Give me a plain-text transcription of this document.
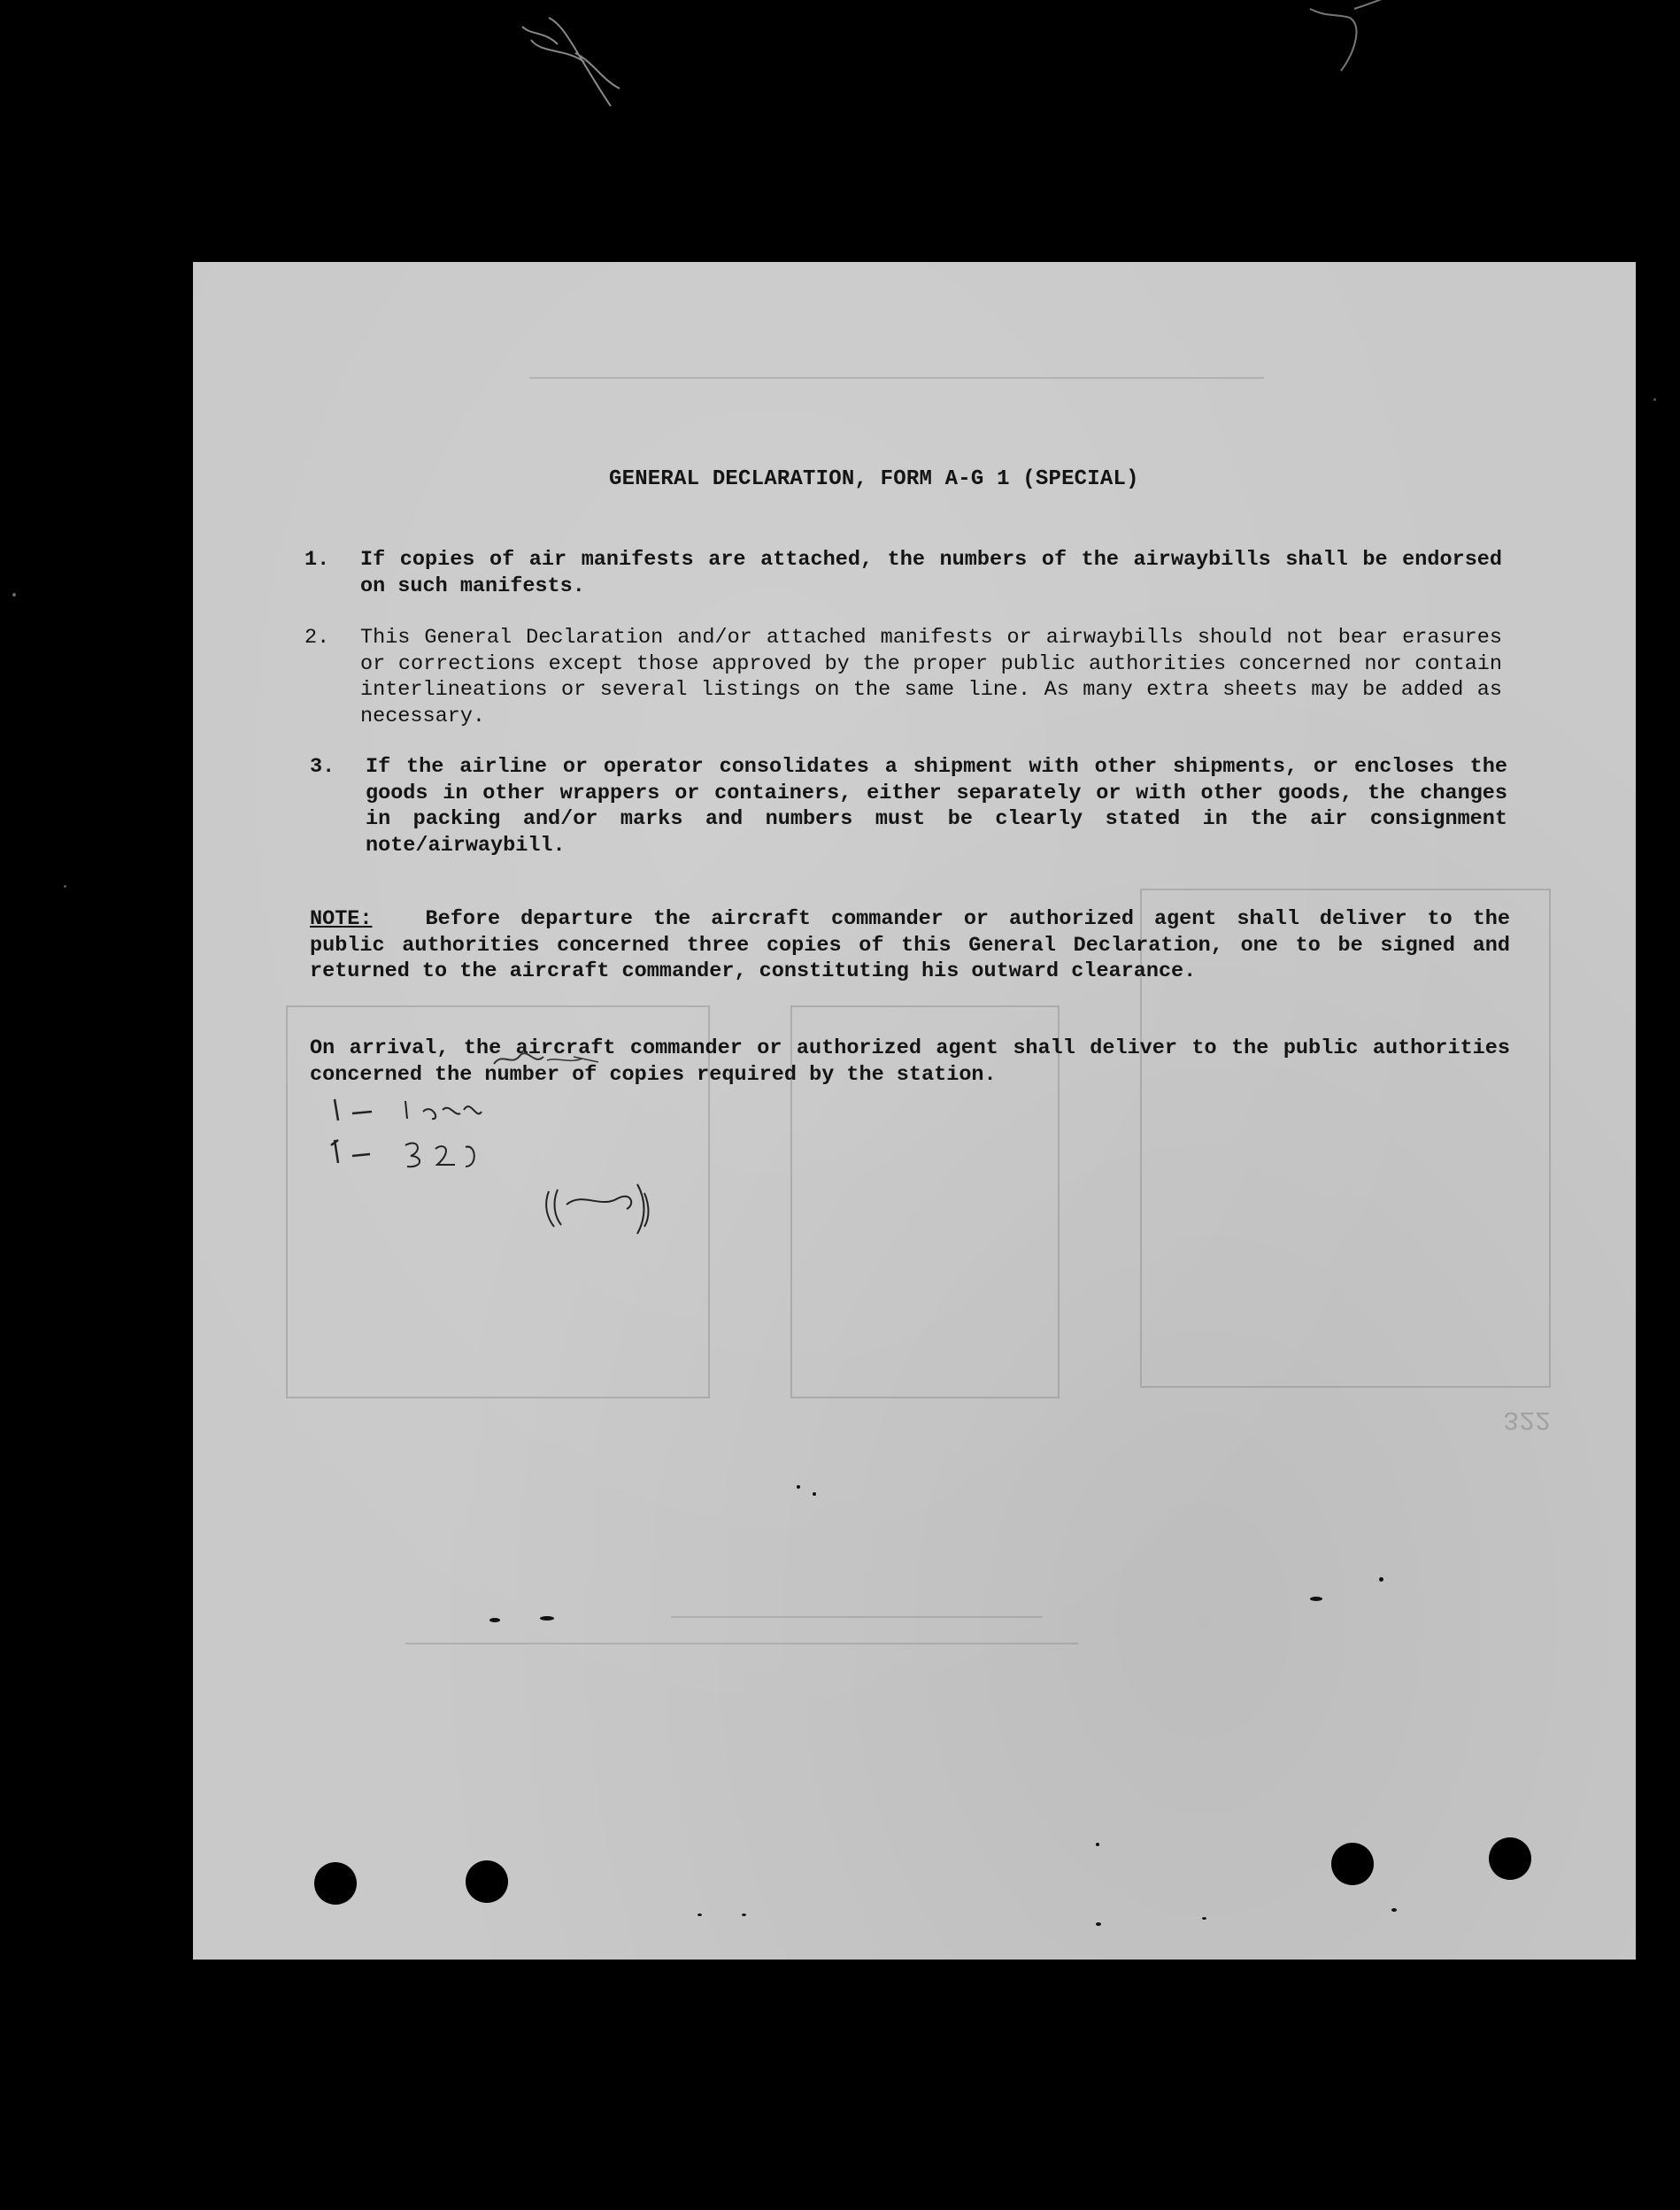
322
GENERAL DECLARATION, FORM A-G 1 (SPECIAL)
1. If copies of air manifests are attached, the numbers of the airwaybills shall be endorsed on such manifests.
2. This General Declaration and/or attached manifests or airwaybills should not bear erasures or corrections except those approved by the proper public authorities concerned nor contain interlineations or several listings on the same line. As many extra sheets may be added as necessary.
3. If the airline or operator consolidates a shipment with other shipments, or encloses the goods in other wrappers or containers, either separately or with other goods, the changes in packing and/or marks and numbers must be clearly stated in the air consignment note/airwaybill.
NOTE:	Before departure the aircraft commander or authorized agent shall deliver to the public authorities concerned three copies of this General Declaration, one to be signed and returned to the aircraft commander, constituting his outward clearance.
On arrival, the aircraft commander or authorized agent shall deliver to the public authorities concerned the number of copies required by the station.
